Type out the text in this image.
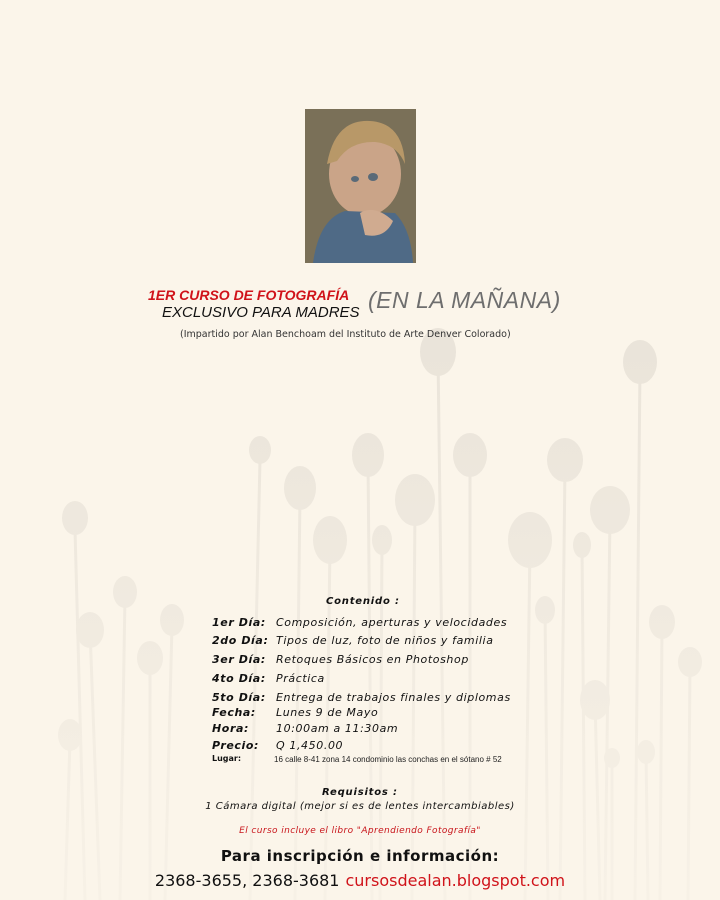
1ER CURSO DE FOTOGRAFÍA
EXCLUSIVO PARA MADRES (EN LA MAÑANA)
(Impartido por Alan Benchoam del Instituto de Arte Denver Colorado)
Contenido :
1er Día: Composición, aperturas y velocidades
2do Día: Tipos de luz, foto de niños y familia
3er Día: Retoques Básicos en Photoshop
4to Día: Práctica
5to Día: Entrega de trabajos finales y diplomas
Fecha: Lunes 9 de Mayo
Hora: 10:00am a 11:30am
Precio: Q 1,450.00
Lugar:	16 calle 8-41 zona 14 condominio las conchas en el sótano # 52
Requisitos :
1 Cámara digital (mejor si es de lentes intercambiables)
El curso incluye el libro "Aprendiendo Fotografía"
Para inscripción e información:
2368-3655, 2368-3681 cursosdealan.blogspot.com
